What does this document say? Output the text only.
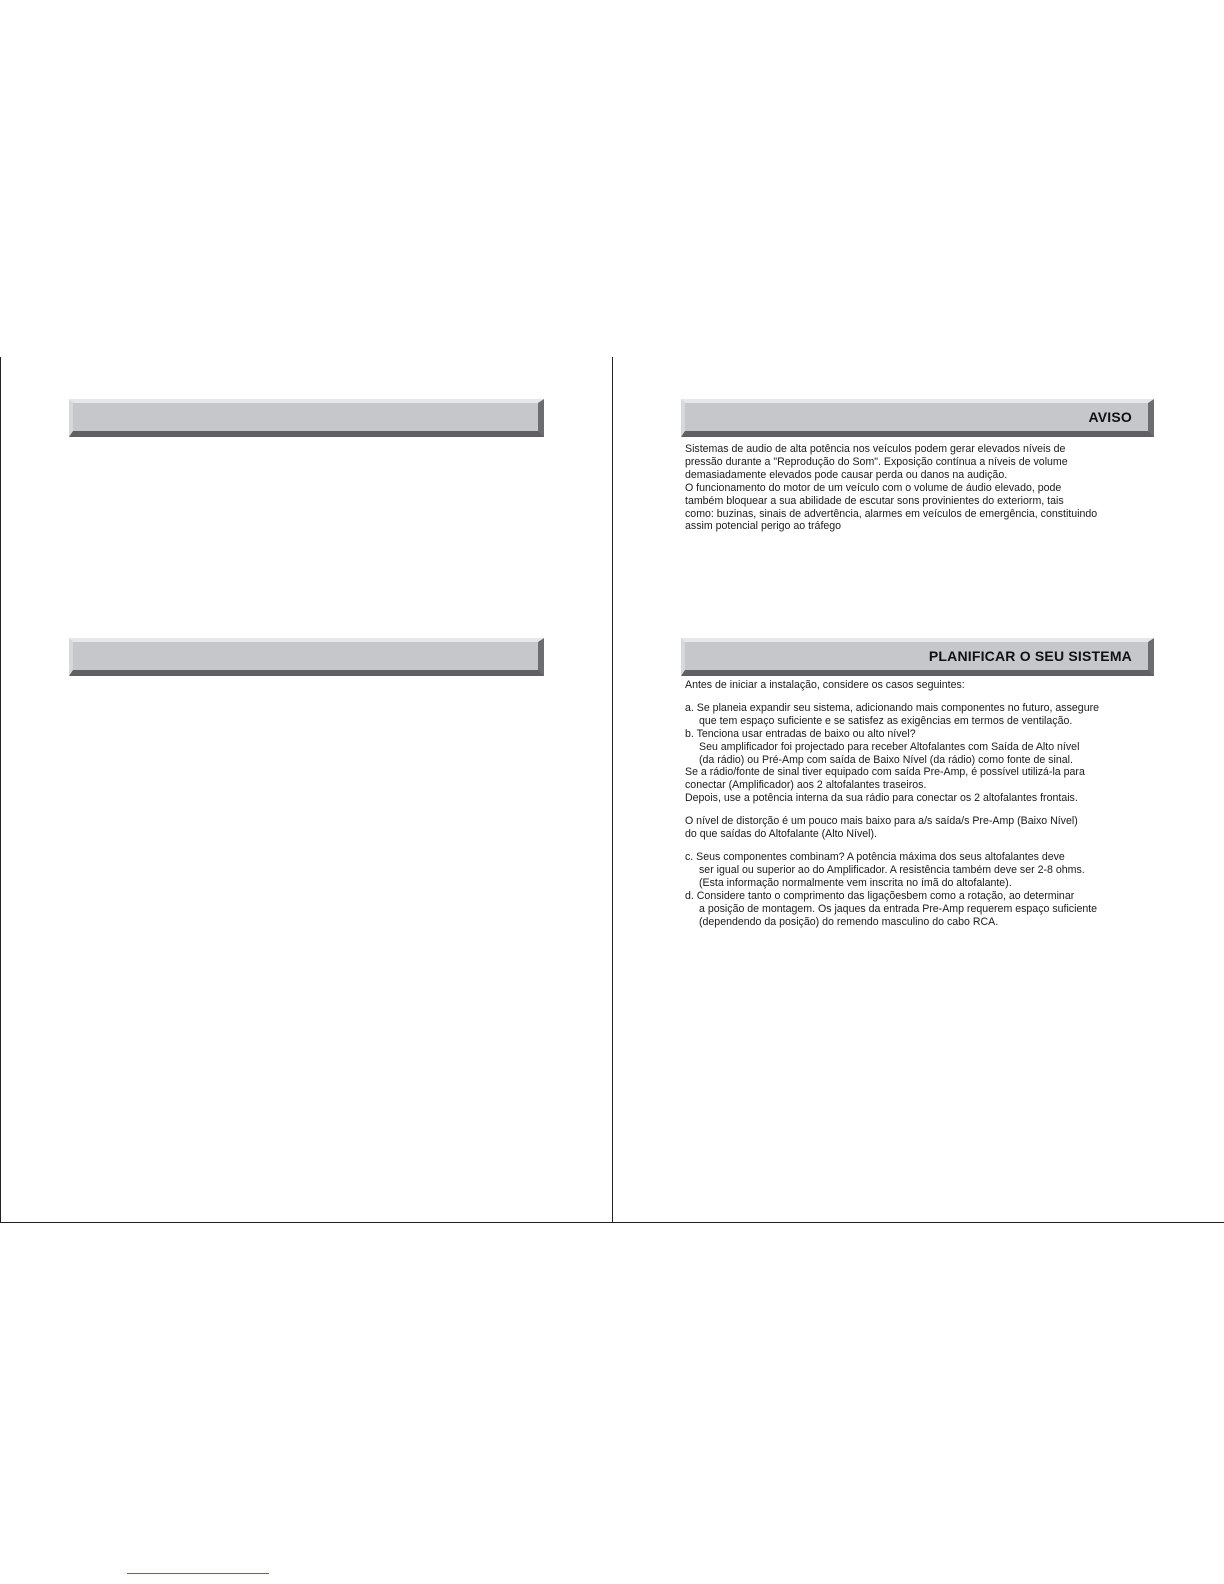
AVISO
Sistemas de audio de alta potência nos veículos podem gerar elevados níveis de
pressão durante a "Reprodução do Som". Exposição contínua a níveis de volume
demasiadamente elevados pode causar perda ou danos na audição.
O funcionamento do motor de um veículo com o volume de áudio elevado, pode
também bloquear a sua abilidade de escutar sons provinientes do exteriorm, tais
como: buzinas, sinais de advertência, alarmes em veículos de emergência, constituindo
assim potencial perigo ao tráfego
PLANIFICAR O SEU SISTEMA
Antes de iniciar a instalação, considere os casos seguintes:
a. Se planeia expandir seu sistema, adicionando mais componentes no futuro, assegure
que tem espaço suficiente e se satisfez as exigências em termos de ventilação.
b. Tenciona usar entradas de baixo ou alto nível?
Seu amplificador foi projectado para receber Altofalantes com Saída de Alto nível
(da rádio) ou Pré-Amp com saída de Baixo Nível (da rádio) como fonte de sinal.
Se a rádio/fonte de sinal tiver equipado com saída Pre-Amp, é possível utilizá-la para
conectar (Amplificador) aos 2 altofalantes traseiros.
Depois, use a potência interna da sua rádio para conectar os 2 altofalantes frontais.
O nível de distorção é um pouco mais baixo para a/s saída/s Pre-Amp (Baixo Nível)
do que saídas do Altofalante (Alto Nível).
c. Seus componentes combinam? A potência máxima dos seus altofalantes deve
ser igual ou superior ao do Amplificador. A resistência também deve ser 2-8 ohms.
(Esta informação normalmente vem inscrita no ímã do altofalante).
d. Considere tanto o comprimento das ligaçõesbem como a rotação, ao determinar
a posição de montagem. Os jaques da entrada Pre-Amp requerem espaço suficiente
(dependendo da posição) do remendo masculino do cabo RCA.
